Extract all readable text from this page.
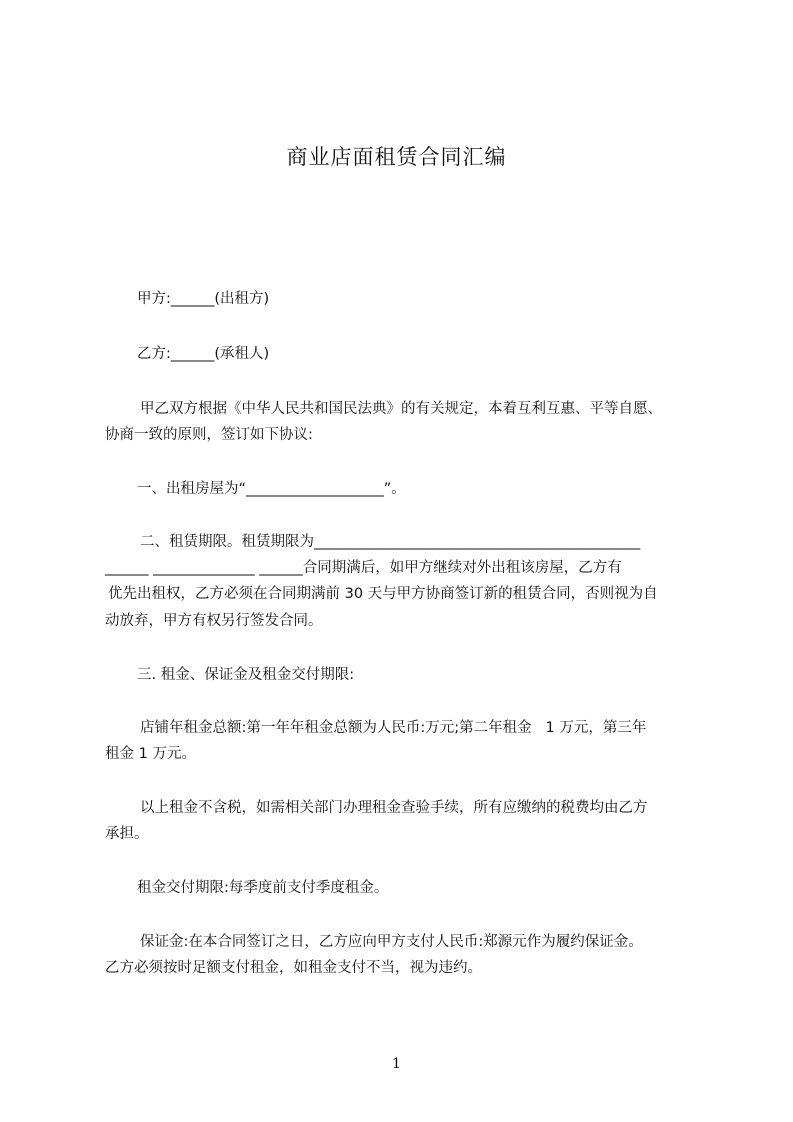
商业店面租赁合同汇编
甲方:______(出租方)
乙方:______(承租人)
甲乙双方根据《中华人民共和国民法典》的有关规定，本着互利互惠、平等自愿、
协商一致的原则，签订如下协议:
一、出租房屋为“___________________”。
二、租赁期限。租赁期限为_____________________________________________
______ ______________ ______合同期满后，如甲方继续对外出租该房屋，乙方有
优先出租权，乙方必须在合同期满前 30 天与甲方协商签订新的租赁合同，否则视为自
动放弃，甲方有权另行签发合同。
三. 租金、保证金及租金交付期限:
店铺年租金总额:第一年年租金总额为人民币:万元;第二年租金   1 万元，第三年
租金 1 万元。
以上租金不含税，如需相关部门办理租金查验手续，所有应缴纳的税费均由乙方
承担。
租金交付期限:每季度前支付季度租金。
保证金:在本合同签订之日，乙方应向甲方支付人民币:郑源元作为履约保证金。
乙方必须按时足额支付租金，如租金支付不当，视为违约。
1
